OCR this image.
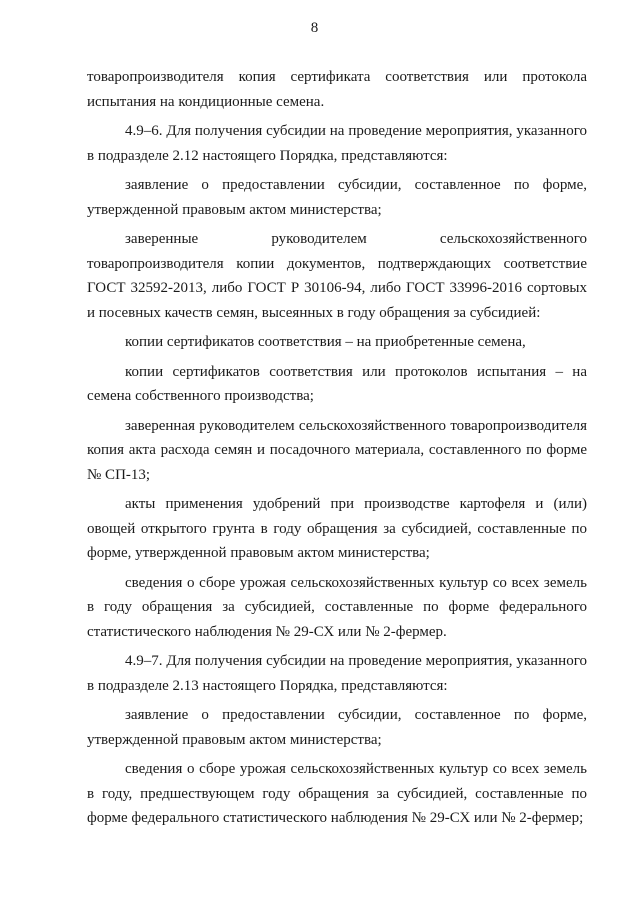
8

товаропроизводителя копия сертификата соответствия или протокола испытания на кондиционные семена.

4.9–6. Для получения субсидии на проведение мероприятия, указанного в подразделе 2.12 настоящего Порядка, представляются:

заявление о предоставлении субсидии, составленное по форме, утвержденной правовым актом министерства;

заверенные руководителем сельскохозяйственного товаропроизводителя копии документов, подтверждающих соответствие ГОСТ 32592-2013, либо ГОСТ Р 30106-94, либо ГОСТ 33996-2016 сортовых и посевных качеств семян, высеянных в году обращения за субсидией:

копии сертификатов соответствия – на приобретенные семена,

копии сертификатов соответствия или протоколов испытания – на семена собственного производства;

заверенная руководителем сельскохозяйственного товаропроизводителя копия акта расхода семян и посадочного материала, составленного по форме № СП-13;

акты применения удобрений при производстве картофеля и (или) овощей открытого грунта в году обращения за субсидией, составленные по форме, утвержденной правовым актом министерства;

сведения о сборе урожая сельскохозяйственных культур со всех земель в году обращения за субсидией, составленные по форме федерального статистического наблюдения № 29-СХ или № 2-фермер.

4.9–7. Для получения субсидии на проведение мероприятия, указанного в подразделе 2.13 настоящего Порядка, представляются:

заявление о предоставлении субсидии, составленное по форме, утвержденной правовым актом министерства;

сведения о сборе урожая сельскохозяйственных культур со всех земель в году, предшествующем году обращения за субсидией, составленные по форме федерального статистического наблюдения № 29-СХ или № 2-фермер;
